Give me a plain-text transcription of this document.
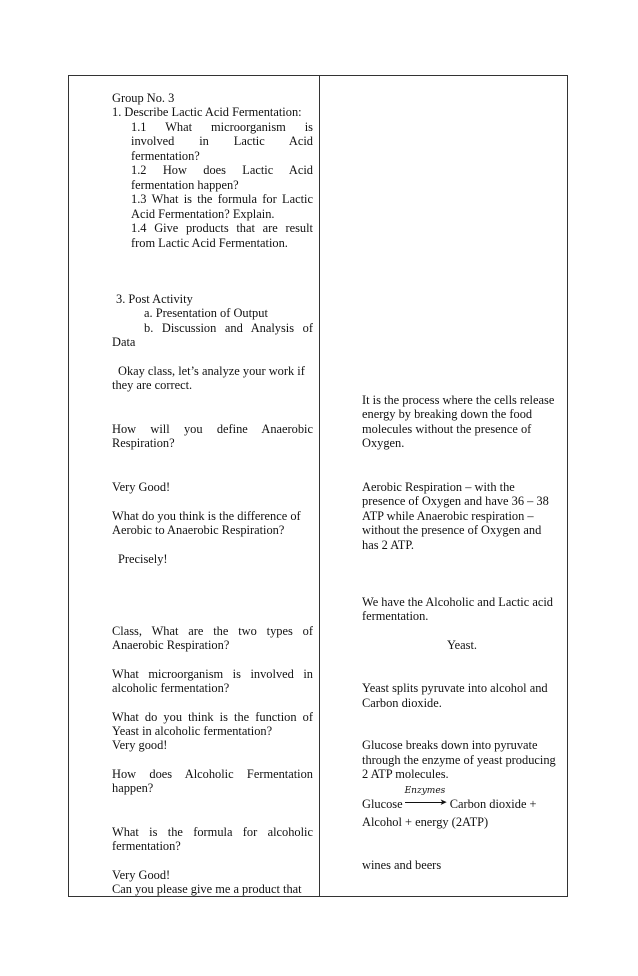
Group No. 3

1. Describe Lactic Acid Fermentation:

1.1 What microorganism is

involved in Lactic Acid

fermentation?

1.2 How does Lactic Acid

fermentation happen?

1.3 What is the formula for Lactic

Acid Fermentation? Explain.

1.4 Give products that are result

from Lactic Acid Fermentation.

3. Post Activity

a. Presentation of Output

b. Discussion and Analysis of

Data

Okay class, let’s analyze your work if

they are correct.

How will you define Anaerobic

Respiration?

Very Good!

What do you think is the difference of

Aerobic to Anaerobic Respiration?

Precisely!

Class, What are the two types of

Anaerobic Respiration?

What microorganism is involved in

alcoholic fermentation?

What do you think is the function of

Yeast in alcoholic fermentation?

Very good!

How does Alcoholic Fermentation

happen?

What is the formula for alcoholic

fermentation?

Very Good!

Can you please give me a product that

It is the process where the cells release

energy by breaking down the food

molecules without the presence of

Oxygen.

Aerobic Respiration – with the

presence of Oxygen and have 36 – 38

ATP while Anaerobic respiration –

without the presence of Oxygen and

has 2 ATP.

We have the Alcoholic and Lactic acid

fermentation.

Yeast.

Yeast splits pyruvate into alcohol and

Carbon dioxide.

Glucose breaks down into pyruvate

through the enzyme of yeast producing

2 ATP molecules.

Glucose
Enzymes
➤ Carbon dioxide +

Alcohol + energy (2ATP)

wines and beers
